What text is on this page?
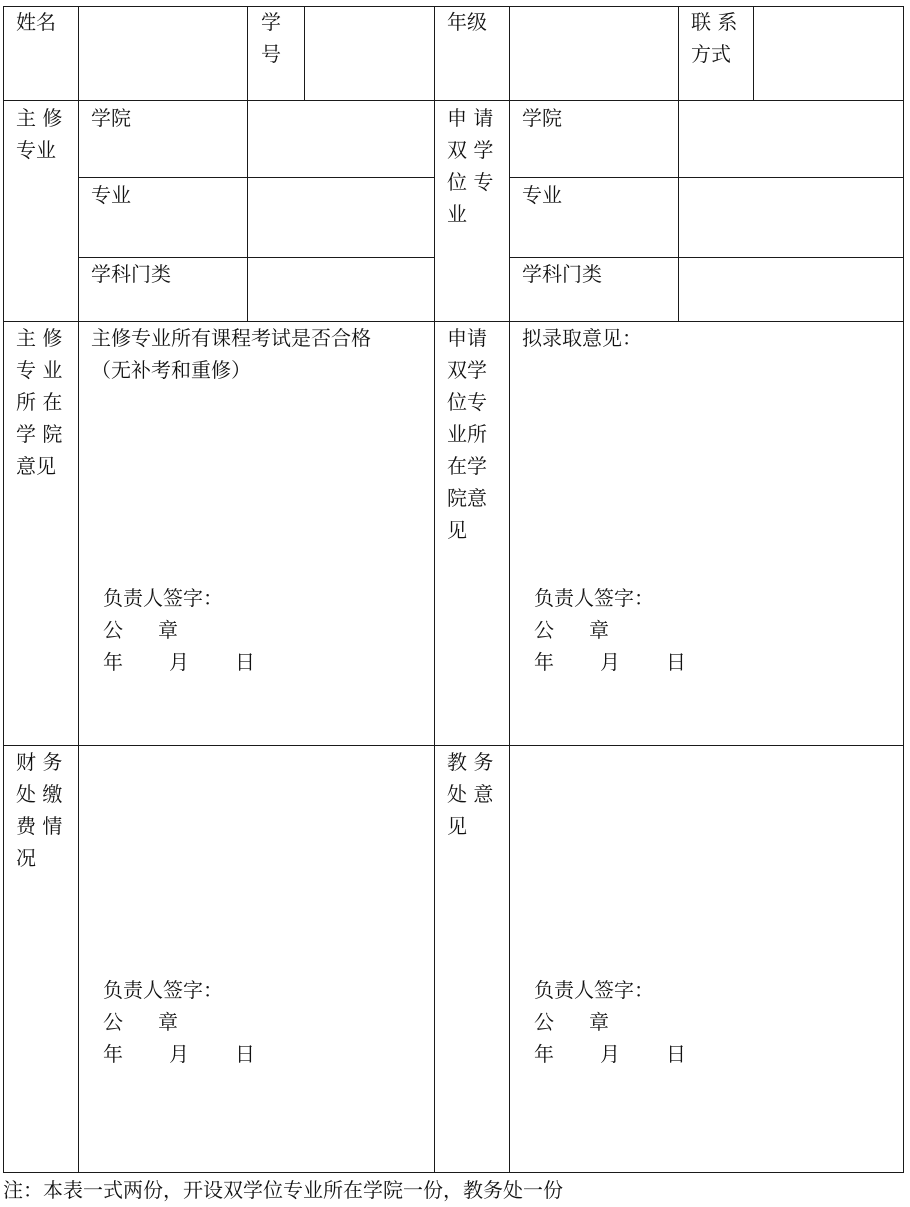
姓名	学
号
年级	联 系
方式
主 修
专业
学院
专业
学科门类
申 请
双 学
位 专
业
学院
专业
学科门类
主 修
专 业
所 在
学 院
意见
主修专业所有课程考试是否合格
（无补考和重修）
负责人签字：
公 章
年 月 日
申请
双学
位专
业所
在学
院意
见
拟录取意见：
负责人签字：
公 章
年 月 日
财 务
处 缴
费 情
况
负责人签字：
公 章
年 月 日
教 务
处 意
见
负责人签字：
公 章
年 月 日
注：本表一式两份，开设双学位专业所在学院一份，教务处一份
